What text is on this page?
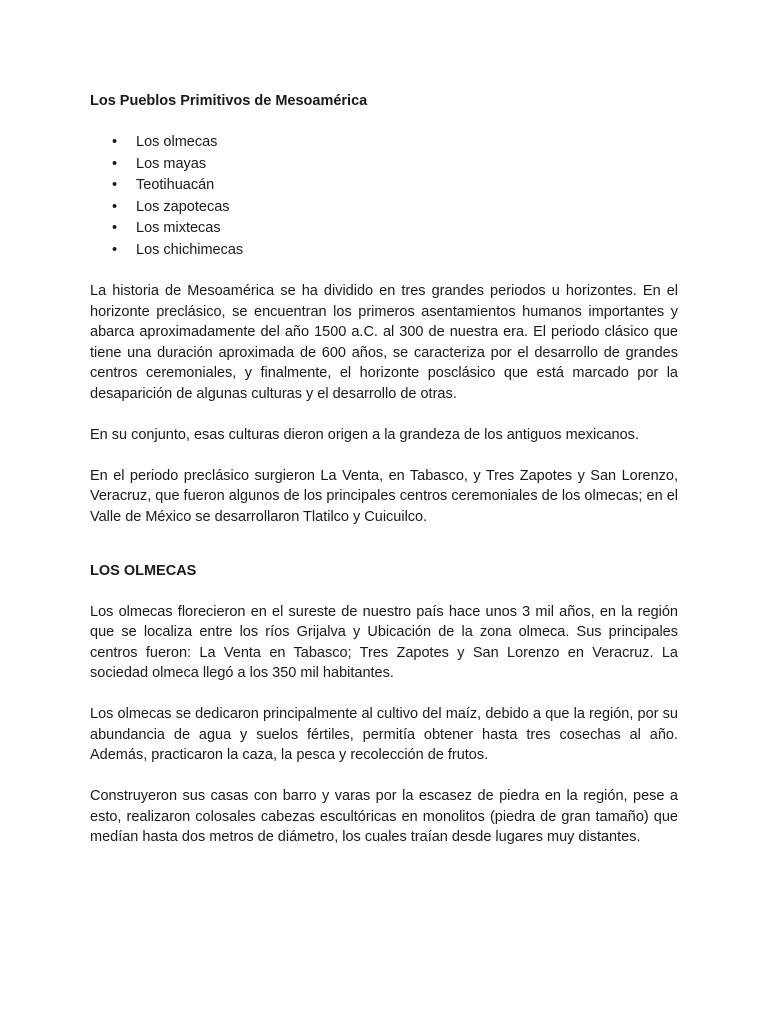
Los Pueblos Primitivos de Mesoamérica
• Los olmecas
• Los mayas
• Teotihuacán
• Los zapotecas
• Los mixtecas
• Los chichimecas

La historia de Mesoamérica se ha dividido en tres grandes periodos u horizontes. En el horizonte preclásico, se encuentran los primeros asentamientos humanos importantes y abarca aproximadamente del año 1500 a.C. al 300 de nuestra era. El periodo clásico que tiene una duración aproximada de 600 años, se caracteriza por el desarrollo de grandes centros ceremoniales, y finalmente, el horizonte posclásico que está marcado por la desaparición de algunas culturas y el desarrollo de otras.

En su conjunto, esas culturas dieron origen a la grandeza de los antiguos mexicanos.

En el periodo preclásico surgieron La Venta, en Tabasco, y Tres Zapotes y San Lorenzo, Veracruz, que fueron algunos de los principales centros ceremoniales de los olmecas; en el Valle de México se desarrollaron Tlatilco y Cuicuilco.

LOS OLMECAS

Los olmecas florecieron en el sureste de nuestro país hace unos 3 mil años, en la región que se localiza entre los ríos Grijalva y Ubicación de la zona olmeca. Sus principales centros fueron: La Venta en Tabasco; Tres Zapotes y San Lorenzo en Veracruz. La sociedad olmeca llegó a los 350 mil habitantes.

Los olmecas se dedicaron principalmente al cultivo del maíz, debido a que la región, por su abundancia de agua y suelos fértiles, permitía obtener hasta tres cosechas al año. Además, practicaron la caza, la pesca y recolección de frutos.

Construyeron sus casas con barro y varas por la escasez de piedra en la región, pese a esto, realizaron colosales cabezas escultóricas en monolitos (piedra de gran tamaño) que medían hasta dos metros de diámetro, los cuales traían desde lugares muy distantes.
